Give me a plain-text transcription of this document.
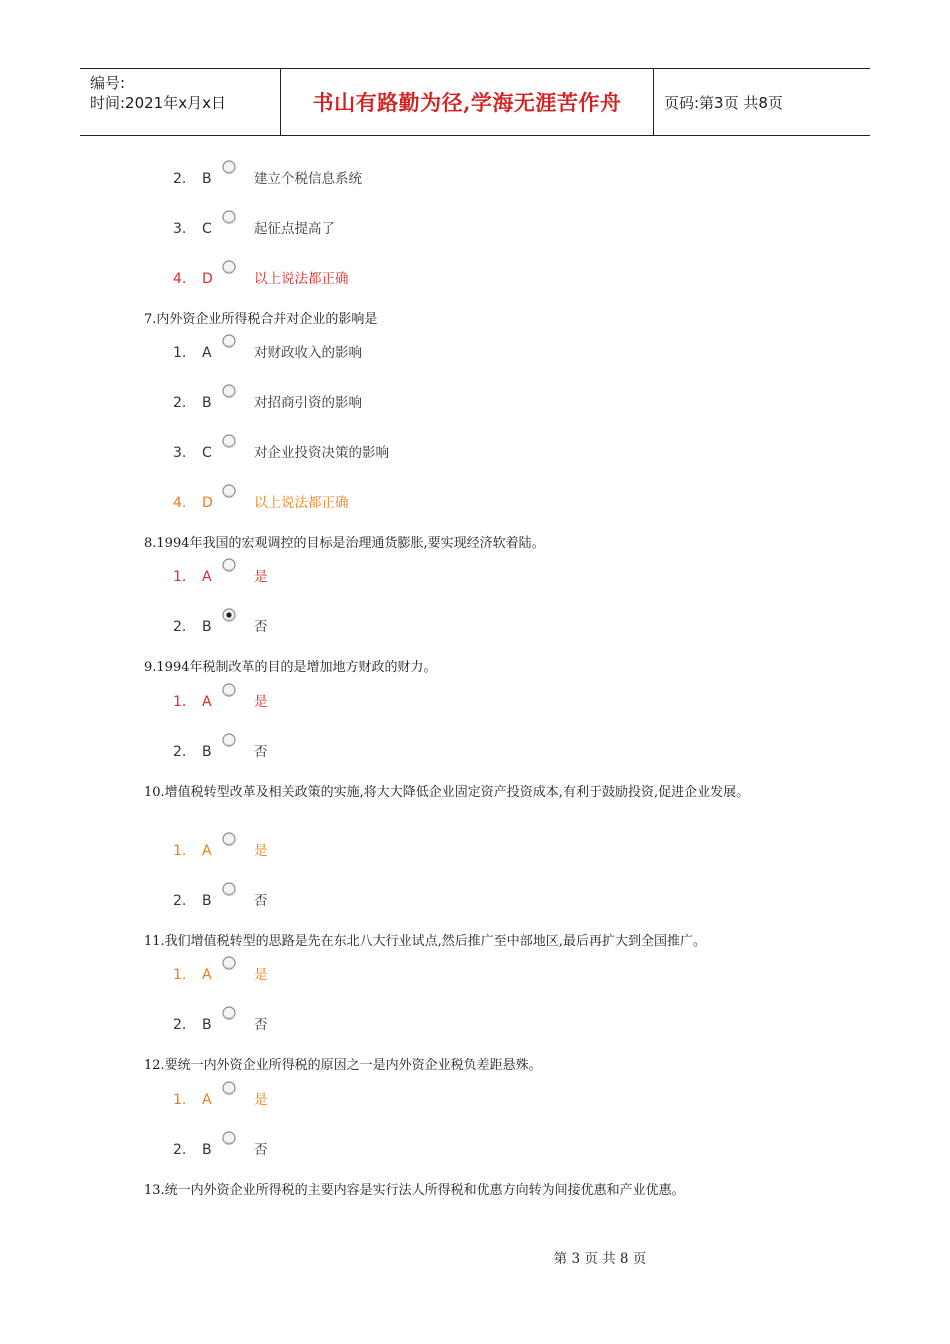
编号:
时间:2021年x月x日	书山有路勤为径,学海无涯苦作舟	页码:第3页 共8页
2.	B	建立个税信息系统
3.	C	起征点提高了
4.	D	以上说法都正确
7.内外资企业所得税合并对企业的影响是
1.	A	对财政收入的影响
2.	B	对招商引资的影响
3.	C	对企业投资决策的影响
4.	D	以上说法都正确
8.1994年我国的宏观调控的目标是治理通货膨胀,要实现经济软着陆。
1.	A	是
2.	B	否
9.1994年税制改革的目的是增加地方财政的财力。
1.	A	是
2.	B	否
10.增值税转型改革及相关政策的实施,将大大降低企业固定资产投资成本,有利于鼓励投资,促进企业发展。
1.	A	是
2.	B	否
11.我们增值税转型的思路是先在东北八大行业试点,然后推广至中部地区,最后再扩大到全国推广。
1.	A	是
2.	B	否
12.要统一内外资企业所得税的原因之一是内外资企业税负差距悬殊。
1.	A	是
2.	B	否
13.统一内外资企业所得税的主要内容是实行法人所得税和优惠方向转为间接优惠和产业优惠。
第 3 页 共 8 页
